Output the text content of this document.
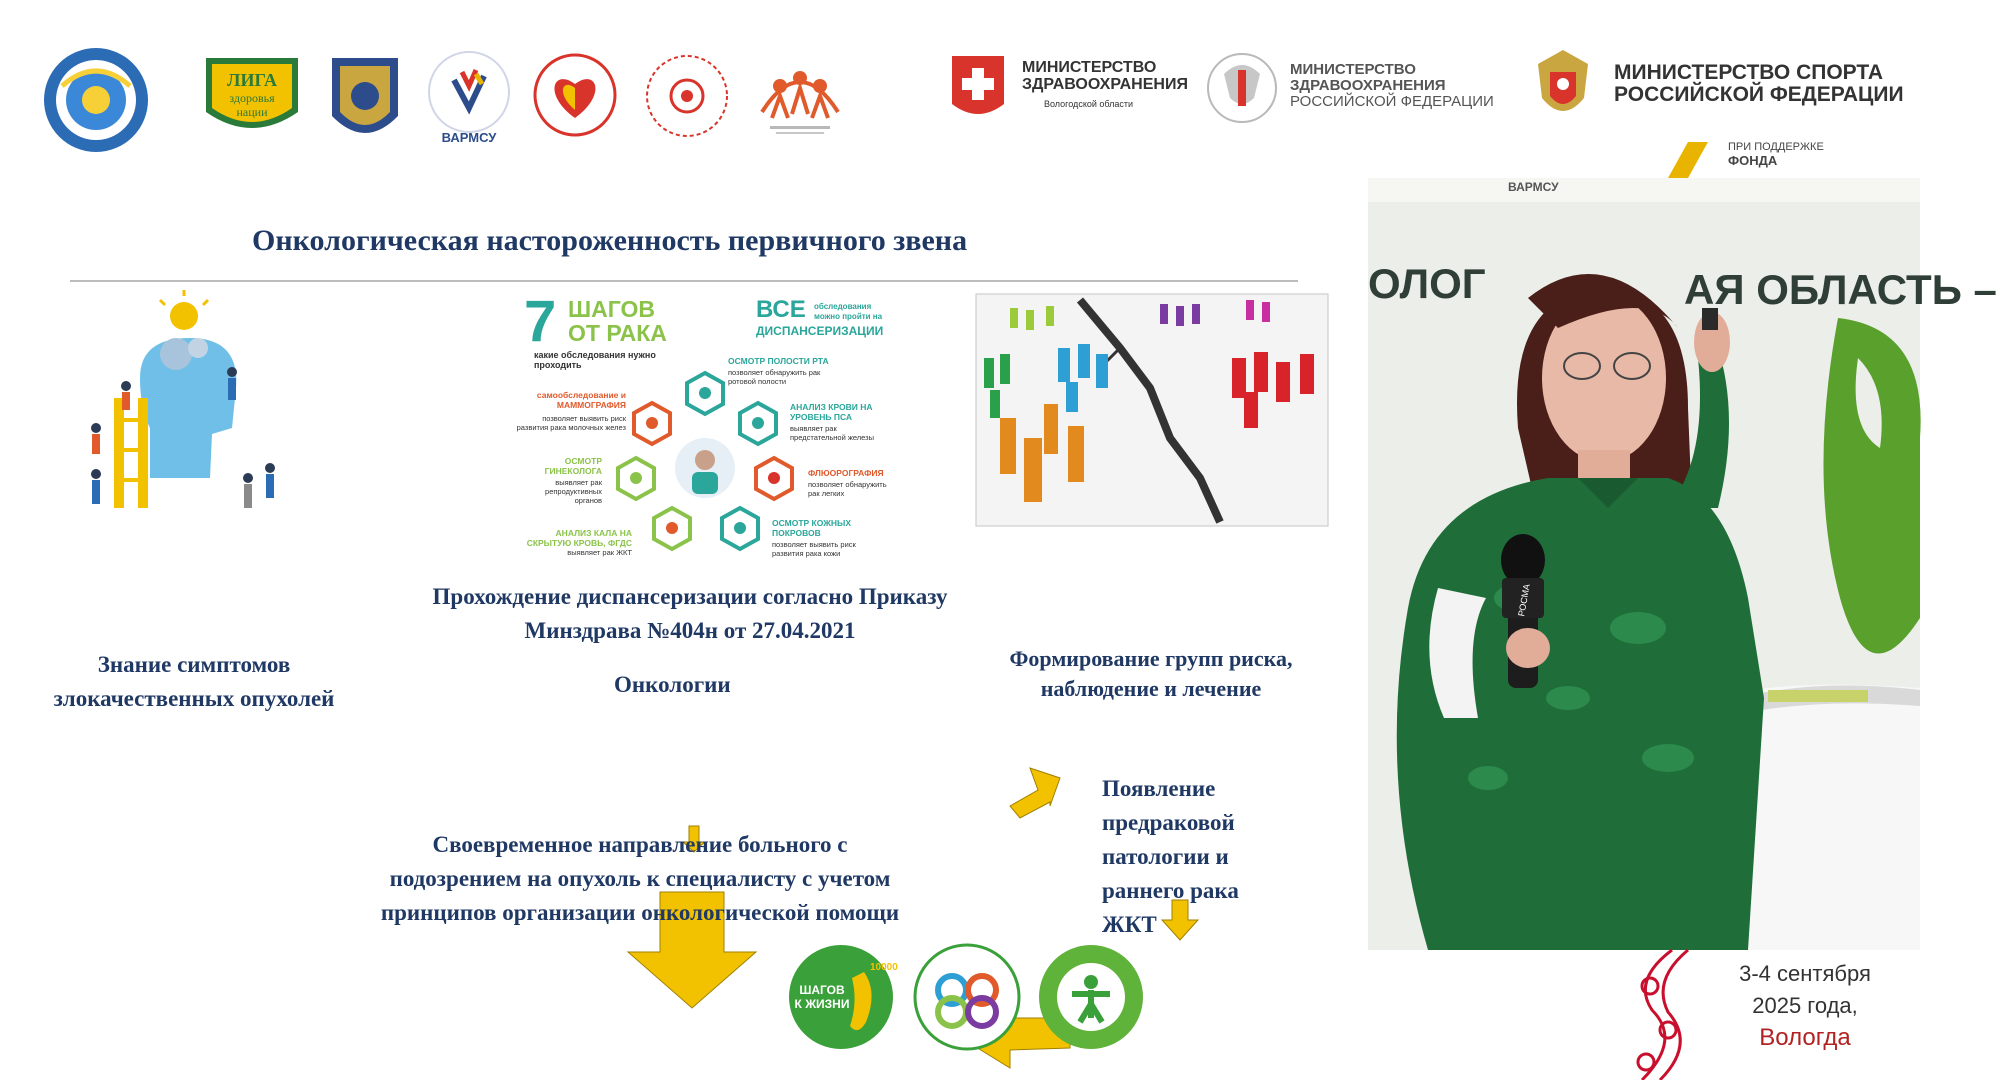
ЛИГА
здоровья
нации
ВАРМСУ
МИНИСТЕРСТВО
ЗДРАВООХРАНЕНИЯ
Вологодской области
МИНИСТЕРСТВО
ЗДРАВООХРАНЕНИЯ
РОССИЙСКОЙ ФЕДЕРАЦИИ
МИНИСТЕРСТВО СПОРТА
РОССИЙСКОЙ ФЕДЕРАЦИИ
ПРИ ПОДДЕРЖКЕ
ФОНДА
Онкологическая настороженность первичного звена
7 ШАГОВ
ОТ РАКА
какие обследования нужно проходить
ВСЕ обследования можно пройти на
ДИСПАНСЕРИЗАЦИИ
ОСМОТР ПОЛОСТИ РТА
позволяет обнаружить рак ротовой полости
самообследование и МАММОГРАФИЯ
позволяет выявить риск развития рака молочных желез
АНАЛИЗ КРОВИ НА УРОВЕНЬ ПСА
выявляет рак предстательной железы
ОСМОТР ГИНЕКОЛОГА
выявляет рак репродуктивных органов
ФЛЮОРОГРАФИЯ
позволяет обнаружить рак легких
АНАЛИЗ КАЛА НА СКРЫТУЮ КРОВЬ, ФГДС
выявляет рак ЖКТ
ОСМОТР КОЖНЫХ ПОКРОВОВ
позволяет выявить риск развития рака кожи
Прохождение диспансеризации согласно Приказу
Минздрава №404н от 27.04.2021
Онкологии
Знание симптомов
злокачественных опухолей
Формирование групп риска,
наблюдение и лечение
Появление
предраковой
патологии и
раннего рака
ЖКТ
Своевременное направление больного с
подозрением на опухоль к специалисту с учетом
принципов организации онкологической помощи
10000
ШАГОВ
К ЖИЗНИ
РОСМА
ВАРМСУ
ОЛОГ	АЯ ОБЛАСТЬ –
3-4 сентября
2025 года,
Вологда
